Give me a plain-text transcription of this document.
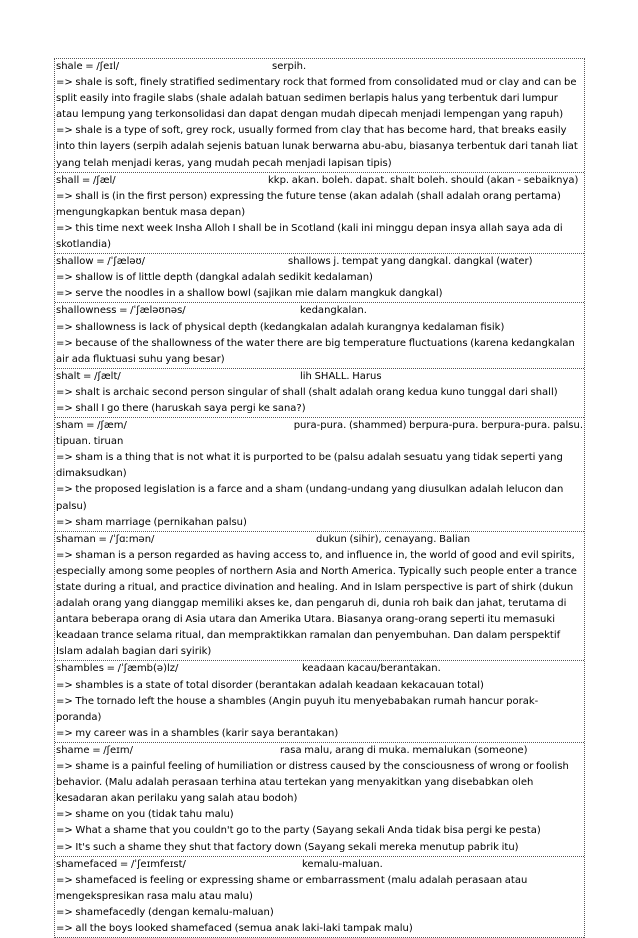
shale = /ʃeɪl/	serpih.
=> shale is soft, finely stratified sedimentary rock that formed from consolidated mud or clay and can be split easily into fragile slabs (shale adalah batuan sedimen berlapis halus yang terbentuk dari lumpur atau lempung yang terkonsolidasi dan dapat dengan mudah dipecah menjadi lempengan yang rapuh)
=> shale is a type of soft, grey rock, usually formed from clay that has become hard, that breaks easily into thin layers (serpih adalah sejenis batuan lunak berwarna abu-abu, biasanya terbentuk dari tanah liat yang telah menjadi keras, yang mudah pecah menjadi lapisan tipis)
shall = /ʃæl/	kkp. akan. boleh. dapat. shalt boleh. should (akan - sebaiknya)
=> shall is (in the first person) expressing the future tense (akan adalah (shall adalah orang pertama) mengungkapkan bentuk masa depan)
=> this time next week Insha Alloh I shall be in Scotland (kali ini minggu depan insya allah saya ada di skotlandia)
shallow = /ˈʃæləʊ/	shallows j. tempat yang dangkal. dangkal (water)
=> shallow is of little depth (dangkal adalah sedikit kedalaman)
=> serve the noodles in a shallow bowl (sajikan mie dalam mangkuk dangkal)
shallowness = /ˈʃæləʊnəs/	kedangkalan.
=> shallowness is lack of physical depth (kedangkalan adalah kurangnya kedalaman fisik)
=> because of the shallowness of the water there are big temperature fluctuations (karena kedangkalan air ada fluktuasi suhu yang besar)
shalt = /ʃælt/	lih SHALL. Harus
=> shalt is archaic second person singular of shall (shalt adalah orang kedua kuno tunggal dari shall)
=> shall I go there (haruskah saya pergi ke sana?)
sham = /ʃæm/	pura-pura. (shammed) berpura-pura. berpura-pura. palsu.
tipuan. tiruan
=> sham is a thing that is not what it is purported to be (palsu adalah sesuatu yang tidak seperti yang dimaksudkan)
=> the proposed legislation is a farce and a sham (undang-undang yang diusulkan adalah lelucon dan palsu)
=> sham marriage (pernikahan palsu)
shaman = /ˈʃɑːmən/	dukun (sihir), cenayang. Balian
=> shaman is a person regarded as having access to, and influence in, the world of good and evil spirits, especially among some peoples of northern Asia and North America. Typically such people enter a trance state during a ritual, and practice divination and healing. And in Islam perspective is part of shirk (dukun adalah orang yang dianggap memiliki akses ke, dan pengaruh di, dunia roh baik dan jahat, terutama di antara beberapa orang di Asia utara dan Amerika Utara. Biasanya orang-orang seperti itu memasuki keadaan trance selama ritual, dan mempraktikkan ramalan dan penyembuhan. Dan dalam perspektif Islam adalah bagian dari syirik)
shambles = /ˈʃæmb(ə)lz/	keadaan kacau/berantakan.
=> shambles is a state of total disorder (berantakan adalah keadaan kekacauan total)
=> The tornado left the house a shambles (Angin puyuh itu menyebabakan rumah hancur porak-poranda)
=> my career was in a shambles (karir saya berantakan)
shame = /ʃeɪm/	rasa malu, arang di muka. memalukan (someone)
=> shame is a painful feeling of humiliation or distress caused by the consciousness of wrong or foolish behavior. (Malu adalah perasaan terhina atau tertekan yang menyakitkan yang disebabkan oleh kesadaran akan perilaku yang salah atau bodoh)
=> shame on you (tidak tahu malu)
=> What a shame that you couldn't go to the party (Sayang sekali Anda tidak bisa pergi ke pesta)
=> It's such a shame they shut that factory down (Sayang sekali mereka menutup pabrik itu)
shamefaced = /ˈʃeɪmfeɪst/	kemalu-maluan.
=> shamefaced is feeling or expressing shame or embarrassment (malu adalah perasaan atau mengekspresikan rasa malu atau malu)
=> shamefacedly (dengan kemalu-maluan)
=> all the boys looked shamefaced (semua anak laki-laki tampak malu)
